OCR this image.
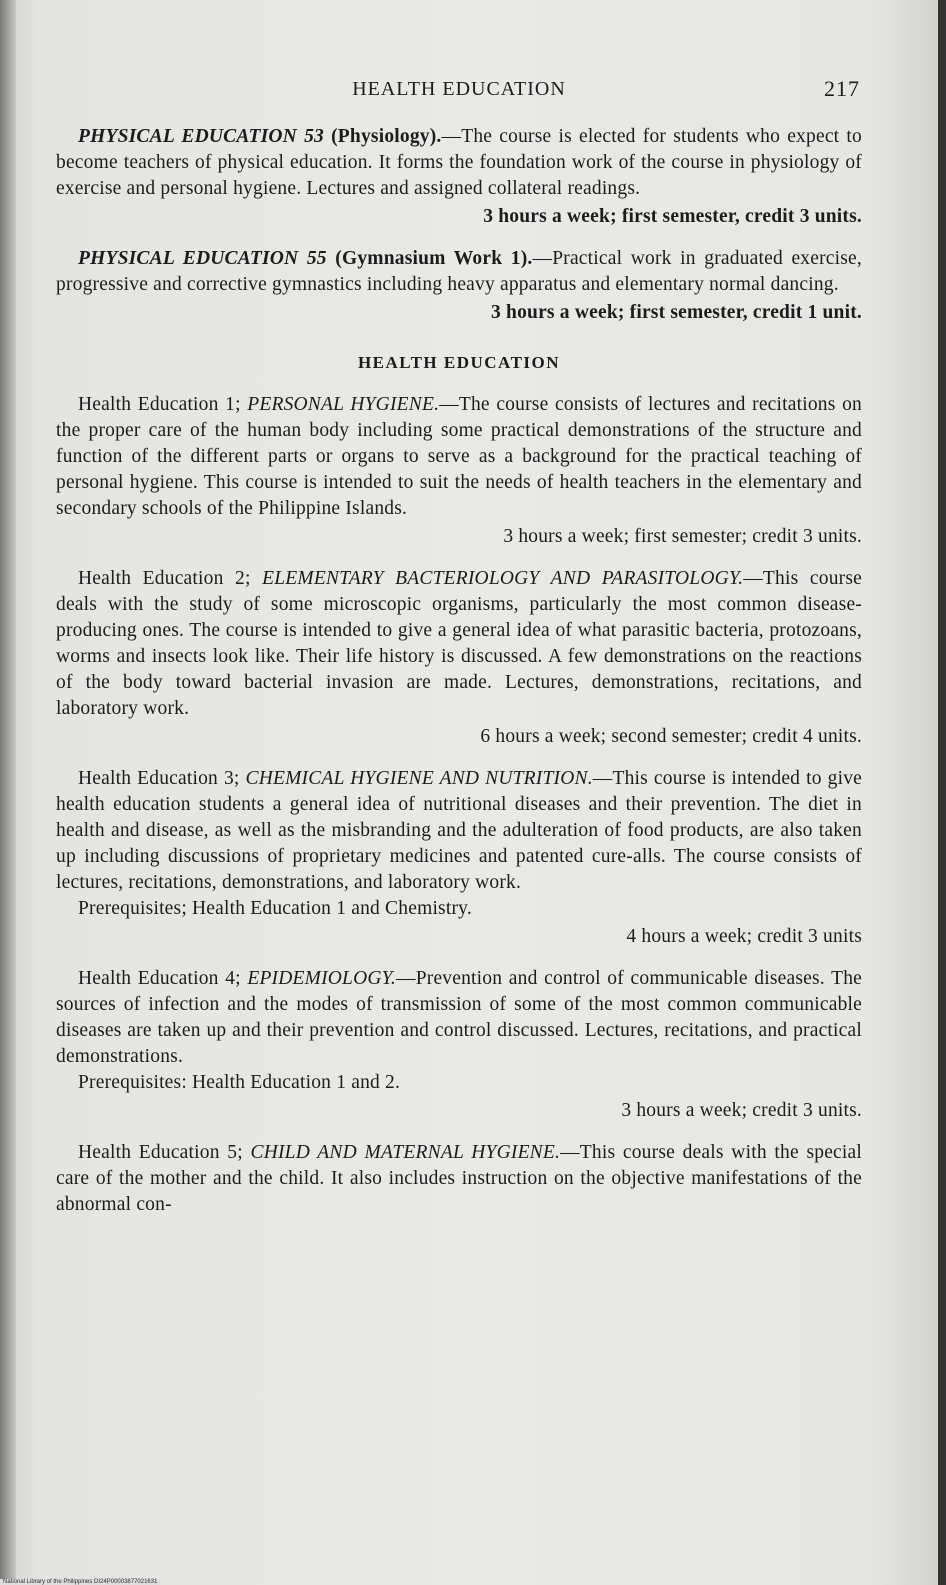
HEALTH EDUCATION	217

PHYSICAL EDUCATION 53 (Physiology).—The course is elected for students who expect to become teachers of physical education. It forms the foundation work of the course in physiology of exercise and personal hygiene. Lectures and assigned collateral readings.

3 hours a week; first semester, credit 3 units.

PHYSICAL EDUCATION 55 (Gymnasium Work 1).—Practical work in graduated exercise, progressive and corrective gymnastics including heavy apparatus and elementary normal dancing.

3 hours a week; first semester, credit 1 unit.
HEALTH EDUCATION

Health Education 1; PERSONAL HYGIENE.—The course consists of lectures and recitations on the proper care of the human body including some practical demonstrations of the structure and function of the different parts or organs to serve as a background for the practical teaching of personal hygiene. This course is intended to suit the needs of health teachers in the elementary and secondary schools of the Philippine Islands.

3 hours a week; first semester; credit 3 units.

Health Education 2; ELEMENTARY BACTERIOLOGY AND PARASITOLOGY.—This course deals with the study of some microscopic organisms, particularly the most common disease-producing ones. The course is intended to give a general idea of what parasitic bacteria, protozoans, worms and insects look like. Their life history is discussed. A few demonstrations on the reactions of the body toward bacterial invasion are made. Lectures, demonstrations, recitations, and laboratory work.

6 hours a week; second semester; credit 4 units.

Health Education 3; CHEMICAL HYGIENE AND NUTRITION.—This course is intended to give health education students a general idea of nutritional diseases and their prevention. The diet in health and disease, as well as the misbranding and the adulteration of food products, are also taken up including discussions of proprietary medicines and patented cure-alls. The course consists of lectures, recitations, demonstrations, and laboratory work.

Prerequisites; Health Education 1 and Chemistry.
4 hours a week; credit 3 units

Health Education 4; EPIDEMIOLOGY.—Prevention and control of communicable diseases. The sources of infection and the modes of transmission of some of the most common communicable diseases are taken up and their prevention and control discussed. Lectures, recitations, and practical demonstrations.

Prerequisites: Health Education 1 and 2.
3 hours a week; credit 3 units.

Health Education 5; CHILD AND MATERNAL HYGIENE.—This course deals with the special care of the mother and the child. It also includes instruction on the objective manifestations of the abnormal con-

National Library of the Philippines DI24P00003877021631
